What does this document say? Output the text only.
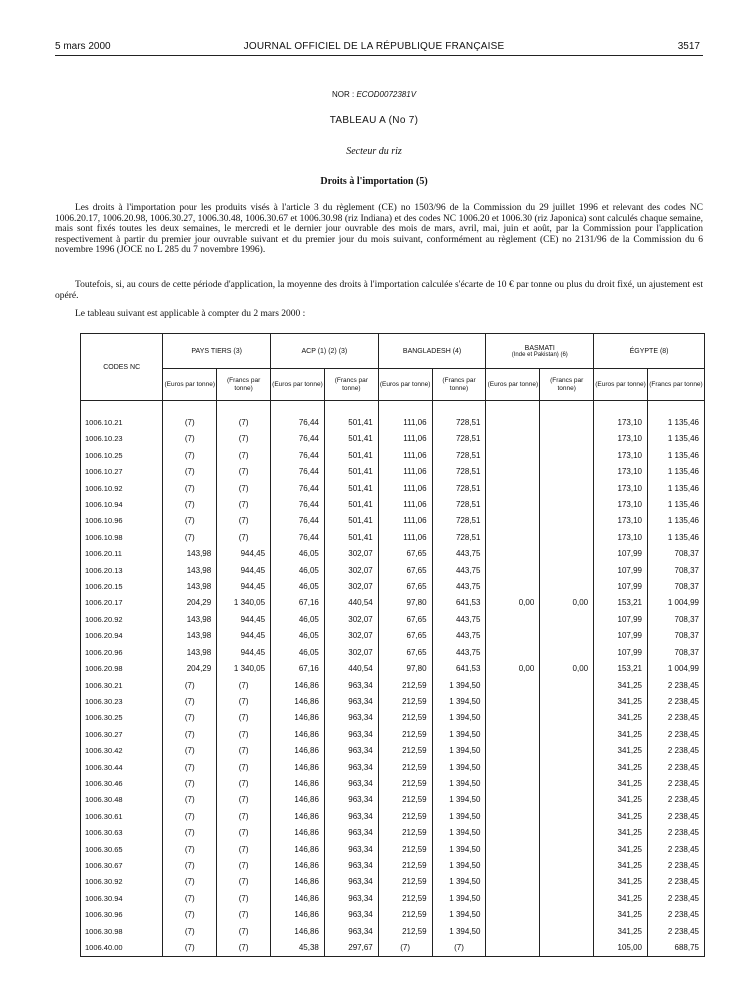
5 mars 2000	JOURNAL OFFICIEL DE LA RÉPUBLIQUE FRANÇAISE	3517
NOR : ECOD0072381V
TABLEAU A (No 7)
Secteur du riz
Droits à l'importation (5)

Les droits à l'importation pour les produits visés à l'article 3 du règlement (CE) no 1503/96 de la Commission du 29 juillet 1996 et relevant des codes NC 1006.20.17, 1006.20.98, 1006.30.27, 1006.30.48, 1006.30.67 et 1006.30.98 (riz Indiana) et des codes NC 1006.20 et 1006.30 (riz Japonica) sont calculés chaque semaine, mais sont fixés toutes les deux semaines, le mercredi et le dernier jour ouvrable des mois de mars, avril, mai, juin et août, par la Commission pour l'application respectivement à partir du premier jour ouvrable suivant et du premier jour du mois suivant, conformément au règlement (CE) no 2131/96 de la Commission du 6 novembre 1996 (JOCE no L 285 du 7 novembre 1996).

Toutefois, si, au cours de cette période d'application, la moyenne des droits à l'importation calculée s'écarte de 10 € par tonne ou plus du droit fixé, un ajustement est opéré.

Le tableau suivant est applicable à compter du 2 mars 2000 :

CODES NC	PAYS TIERS (3)		ACP (1) (2) (3)		BANGLADESH (4)		BASMATI
(Inde et Pakistan) (6)		ÉGYPTE (8)	
	(Euros par tonne)	(Francs par tonne)	(Euros par tonne)	(Francs par tonne)	(Euros par tonne)	(Francs par tonne)	(Euros par tonne)	(Francs par tonne)	(Euros par tonne)	(Francs par tonne)

1006.10.21	(7)	(7)	76,44	501,41	111,06	728,51			173,10	1 135,46
1006.10.23	(7)	(7)	76,44	501,41	111,06	728,51			173,10	1 135,46
1006.10.25	(7)	(7)	76,44	501,41	111,06	728,51			173,10	1 135,46
1006.10.27	(7)	(7)	76,44	501,41	111,06	728,51			173,10	1 135,46
1006.10.92	(7)	(7)	76,44	501,41	111,06	728,51			173,10	1 135,46
1006.10.94	(7)	(7)	76,44	501,41	111,06	728,51			173,10	1 135,46
1006.10.96	(7)	(7)	76,44	501,41	111,06	728,51			173,10	1 135,46
1006.10.98	(7)	(7)	76,44	501,41	111,06	728,51			173,10	1 135,46
1006.20.11	143,98	944,45	46,05	302,07	67,65	443,75			107,99	708,37
1006.20.13	143,98	944,45	46,05	302,07	67,65	443,75			107,99	708,37
1006.20.15	143,98	944,45	46,05	302,07	67,65	443,75			107,99	708,37
1006.20.17	204,29	1 340,05	67,16	440,54	97,80	641,53	0,00	0,00	153,21	1 004,99
1006.20.92	143,98	944,45	46,05	302,07	67,65	443,75			107,99	708,37
1006.20.94	143,98	944,45	46,05	302,07	67,65	443,75			107,99	708,37
1006.20.96	143,98	944,45	46,05	302,07	67,65	443,75			107,99	708,37
1006.20.98	204,29	1 340,05	67,16	440,54	97,80	641,53	0,00	0,00	153,21	1 004,99
1006.30.21	(7)	(7)	146,86	963,34	212,59	1 394,50			341,25	2 238,45
1006.30.23	(7)	(7)	146,86	963,34	212,59	1 394,50			341,25	2 238,45
1006.30.25	(7)	(7)	146,86	963,34	212,59	1 394,50			341,25	2 238,45
1006.30.27	(7)	(7)	146,86	963,34	212,59	1 394,50			341,25	2 238,45
1006.30.42	(7)	(7)	146,86	963,34	212,59	1 394,50			341,25	2 238,45
1006.30.44	(7)	(7)	146,86	963,34	212,59	1 394,50			341,25	2 238,45
1006.30.46	(7)	(7)	146,86	963,34	212,59	1 394,50			341,25	2 238,45
1006.30.48	(7)	(7)	146,86	963,34	212,59	1 394,50			341,25	2 238,45
1006.30.61	(7)	(7)	146,86	963,34	212,59	1 394,50			341,25	2 238,45
1006.30.63	(7)	(7)	146,86	963,34	212,59	1 394,50			341,25	2 238,45
1006.30.65	(7)	(7)	146,86	963,34	212,59	1 394,50			341,25	2 238,45
1006.30.67	(7)	(7)	146,86	963,34	212,59	1 394,50			341,25	2 238,45
1006.30.92	(7)	(7)	146,86	963,34	212,59	1 394,50			341,25	2 238,45
1006.30.94	(7)	(7)	146,86	963,34	212,59	1 394,50			341,25	2 238,45
1006.30.96	(7)	(7)	146,86	963,34	212,59	1 394,50			341,25	2 238,45
1006.30.98	(7)	(7)	146,86	963,34	212,59	1 394,50			341,25	2 238,45
1006.40.00	(7)	(7)	45,38	297,67	(7)	(7)			105,00	688,75
